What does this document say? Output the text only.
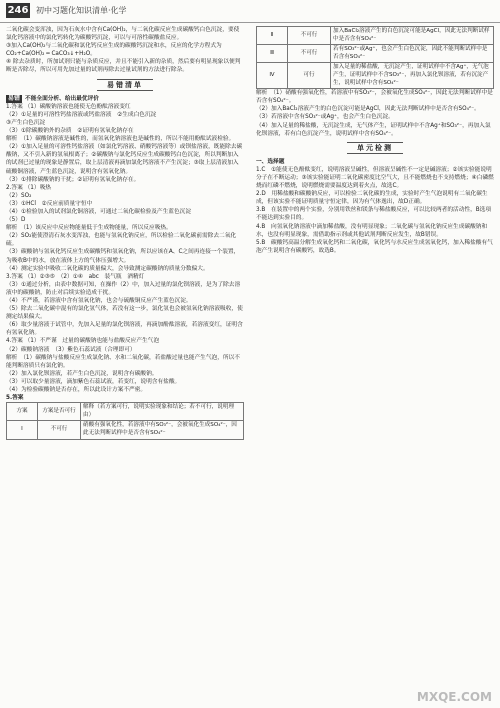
246 初中习题化知识清单·化学

二氧化碳会变浑浊，因为石灰水中含有Ca(OH)₂，与二氧化碳反应生成碳酸钙白色沉淀，要使氯化钙溶液中的氯化钙转化为碳酸钙沉淀，可以与可溶性碳酸盐反应。

③加入Ca(OH)₂与二氧化碳和氯化钙反应生成的碳酸钙沉淀和水，反应的化学方程式为CO₂+Ca(OH)₂ ═ CaCO₃↓+H₂O。

④ 除去杂质时，所加试剂只能与杂质反应，并且不能引入新的杂质，然后要有明显现象以便判断是否除尽，所以可用先加过量的试剂再除去过量试剂的方法进行除杂。

易错清单

易错 不能全面分析、给出最优评价

1.答案 （1）碳酸钠溶液也能使无色酚酞溶液变红

（2）①足量的可溶性钙盐溶液或钙盐溶液　②生成白色沉淀

③产生白色沉淀

（3）①除碳酸钠外的杂质　②证明有氢氧化钠存在

解析　（1）碳酸钠溶液是碱性的，而氢氧化钠溶液也是碱性的，所以不能用酚酞试液检验。

（2）①加入足量的可溶性钙盐溶液（如氯化钙溶液、硝酸钙溶液等）或钡盐溶液，既能除去碳酸钠，又不引入新的氢氧根离子；②碳酸钠与氯化钙反应生成碳酸钙白色沉淀，所以判断加入的试剂已过量的现象是静置后，取上层清液再滴加氯化钙溶液不产生沉淀；③取上层清液加入硫酸铜溶液，产生蓝色沉淀，说明含有氢氧化钠。

（3）①排除碳酸钠的干扰；②证明有氢氧化钠存在。

2.答案 （1）吸热

（2）SO₂

（3）①HCl　②反应前质量守恒中

（4）①检验加入的试剂氯化铜溶液，可通过二氧化碳检验及产生蓝色沉淀

（5）D

解析　（1）该反应中反应物能量低于生成物能量，所以反应吸热。

（2）SO₂能使澄清石灰水变浑浊，也能与氢氧化钠反应，所以检验二氧化碳前需除去二氧化硫。

（3）碳酸钠与氢氧化钙反应生成碳酸钙和氢氧化钠，所以应该在A、C之间再连接一个装置，为吸收B中的水，放在液体上方的气体压强增大。

（4）测定实验中吸收二氧化碳的质量偏大，会导致测定碳酸钠的质量分数偏大。

3.答案 （1）②③⑤　（2）①④　abc　装气瓶　酒精灯

（3）①通过分析，由表中数据可知，在操作（2）中，加入过量的氯化钡溶液，是为了除去溶液中的碳酸钠，防止对后续实验造成干扰。

（4）不严谨，若溶液中含有氢氧化钠，也会与硫酸铜反应产生蓝色沉淀。

（5）除去二氧化碳中混有的氯化氢气体，若没有这一步，氯化氢也会被氢氧化钠溶液吸收，使测定结果偏大。

（6）取少量溶液于试管中，先加入足量的氯化钡溶液，再滴加酚酞溶液，若溶液变红，证明含有氢氧化钠。

4.答案 （1）不严谨　过量的碳酸钠也能与盐酸反应产生气泡

（2）碳酸钠溶液　（3）紫色石蕊试液（合理即可）

解析　（1）碳酸钠与盐酸反应生成氯化钠、水和二氧化碳，若盐酸过量也能产生气泡，所以不能判断溶质只有氯化钠。

（2）加入氯化钡溶液，若产生白色沉淀，说明含有碳酸钠。

（3）可以取少量溶液，滴加紫色石蕊试液，若变红，说明含有盐酸。

（4）为检验碳酸钠是否存在，所以此设计方案不严密。

5.答案

方案	方案是否可行	解释（若方案可行，说明实验现象和结论；若不可行，说明理由）
Ⅰ	不可行	硝酸有强氧化性，若溶液中有SO₃²⁻，会被氧化生成SO₄²⁻，因此无法判断试样中是否含有SO₄²⁻
Ⅱ	不可行	加入BaCl₂溶液产生的白色沉淀可能是AgCl，因此无法判断试样中是否含有SO₄²⁻
Ⅲ	不可行	若有SO₃²⁻或Ag⁺，也会产生白色沉淀，因此不能判断试样中是否含有SO₄²⁻
Ⅳ	可行	加入足量的稀盐酸，无沉淀产生，证明试样中不含Ag⁺，无气泡产生，证明试样中不含SO₃²⁻，再加入氯化钡溶液，若有沉淀产生，说明试样中含有SO₄²⁻

解析　（1）硝酸有强氧化性，若溶液中有SO₃²⁻，会被氧化生成SO₄²⁻，因此无法判断试样中是否含有SO₄²⁻。

（2）加入BaCl₂溶液产生的白色沉淀可能是AgCl，因此无法判断试样中是否含有SO₄²⁻。

（3）若溶液中含有SO₃²⁻或Ag⁺，也会产生白色沉淀。

（4）加入足量的稀盐酸，无沉淀生成，无气体产生，证明试样中不含Ag⁺和SO₃²⁻，再加入氯化钡溶液，若有白色沉淀产生，说明试样中含有SO₄²⁻。

单元检测

一、选择题

1.C　①能使无色酚酞变红，说明溶液呈碱性，但溶液呈碱性不一定是碱溶液；②该实验能说明分子在不断运动；③该实验能证明二氧化碳密度比空气大，且不能燃烧也不支持燃烧；④白磷燃烧而红磷不燃烧，说明燃烧需要温度达到着火点，故选C。

2.D　用稀盐酸和碳酸钠反应，可以检验二氧化碳的生成，实验时产生气泡说明有二氧化碳生成，但该实验不能证明质量守恒定律，因为有气体逸出，故D正确。

3.B　在装置中的两个实验，分别用铁丝和镁条与稀盐酸反应，可以比较两者的活动性，B选项不能达到实验目的。

4.B　向氢氧化钠溶液中滴加稀盐酸，没有明显现象；二氧化碳与氢氧化钠反应生成碳酸钠和水，也没有明显现象，需借助指示剂或其他试剂判断反应发生，故B错误。

5.B　碳酸钙高温分解生成氧化钙和二氧化碳，氧化钙与水反应生成氢氧化钙，加入稀盐酸有气泡产生说明含有碳酸钙，故选B。

MXQE.COM
